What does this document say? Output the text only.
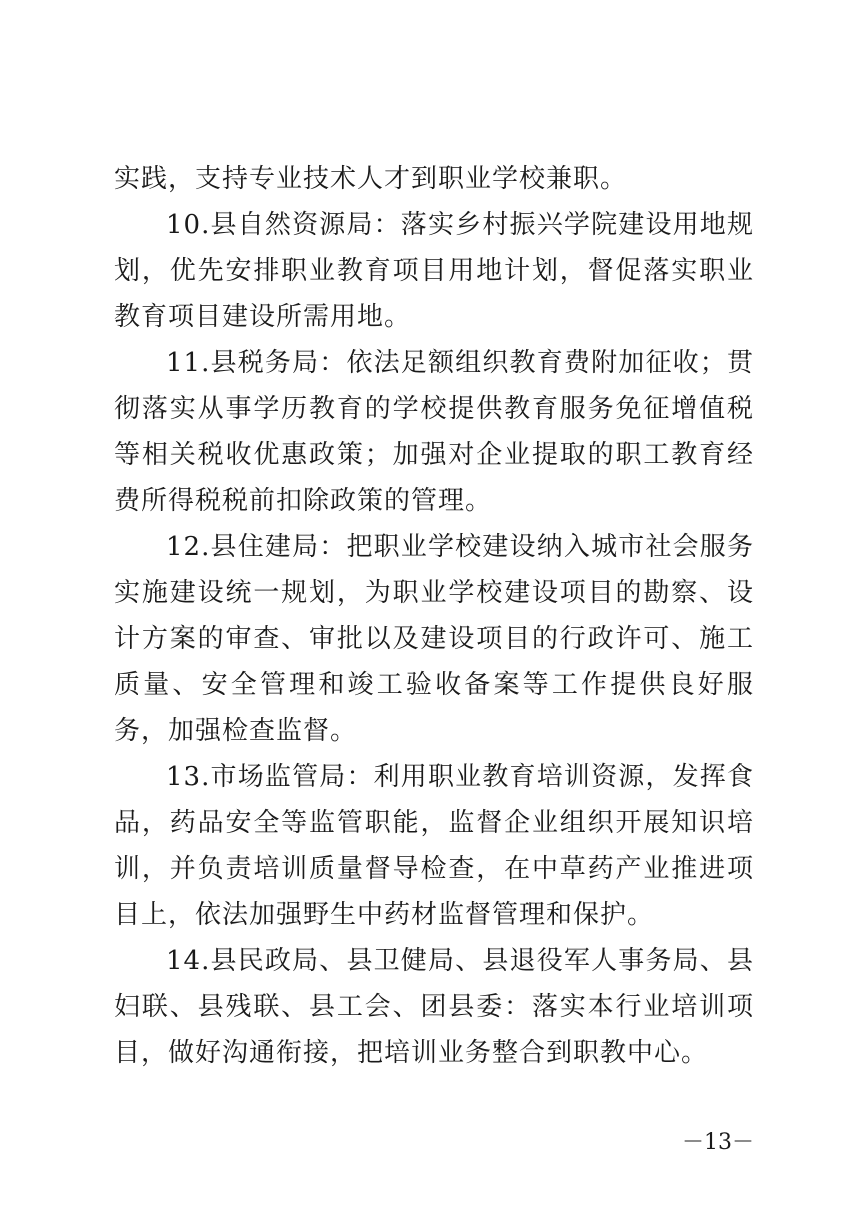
实践，支持专业技术人才到职业学校兼职。

10.县自然资源局：落实乡村振兴学院建设用地规划，优先安排职业教育项目用地计划，督促落实职业教育项目建设所需用地。

11.县税务局：依法足额组织教育费附加征收；贯彻落实从事学历教育的学校提供教育服务免征增值税等相关税收优惠政策；加强对企业提取的职工教育经费所得税税前扣除政策的管理。

12.县住建局：把职业学校建设纳入城市社会服务实施建设统一规划，为职业学校建设项目的勘察、设计方案的审查、审批以及建设项目的行政许可、施工质量、安全管理和竣工验收备案等工作提供良好服务，加强检查监督。

13.市场监管局：利用职业教育培训资源，发挥食品，药品安全等监管职能，监督企业组织开展知识培训，并负责培训质量督导检查，在中草药产业推进项目上，依法加强野生中药材监督管理和保护。

14.县民政局、县卫健局、县退役军人事务局、县妇联、县残联、县工会、团县委：落实本行业培训项目，做好沟通衔接，把培训业务整合到职教中心。

－13－
